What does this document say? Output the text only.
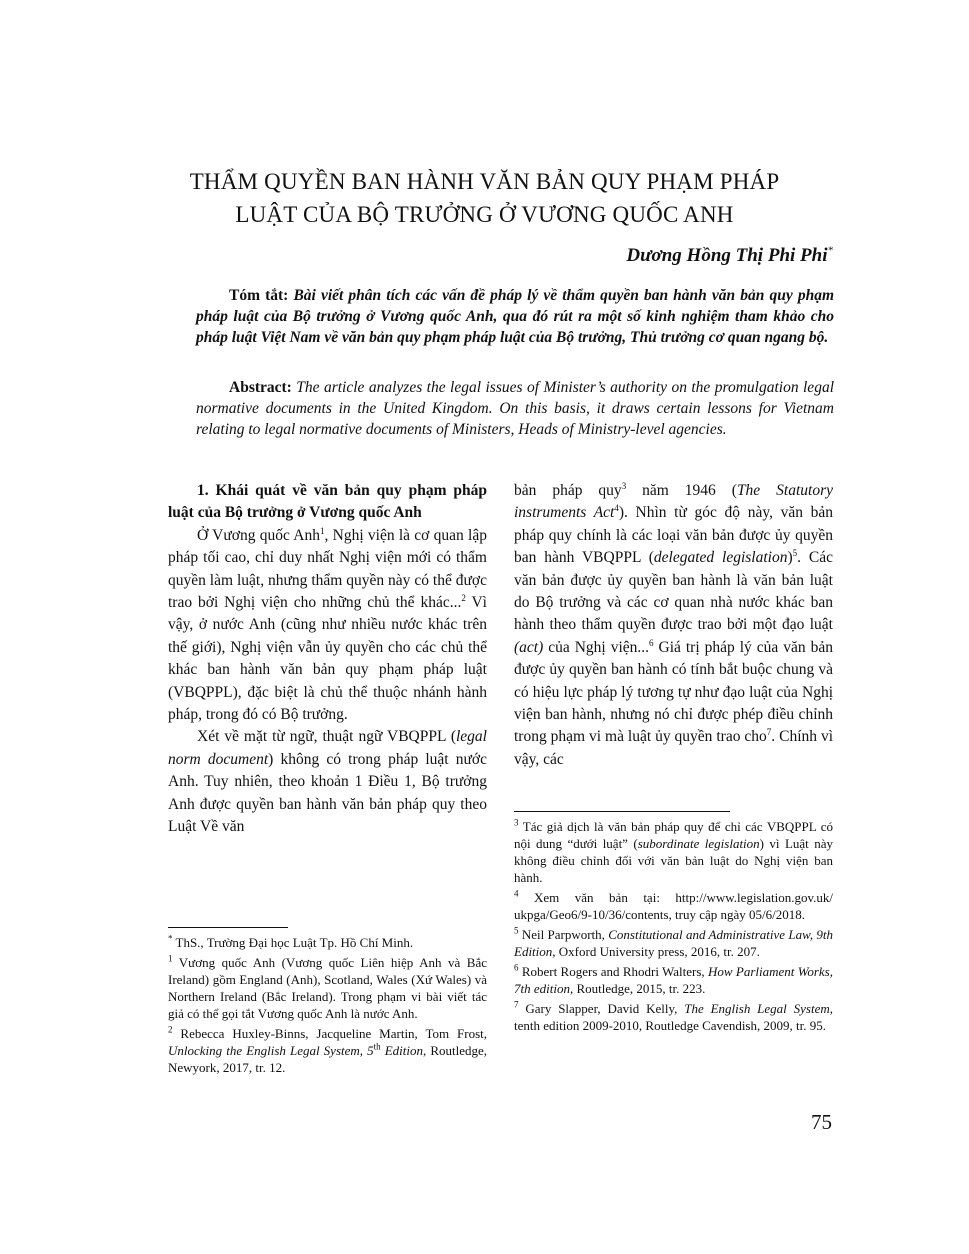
THẨM QUYỀN BAN HÀNH VĂN BẢN QUY PHẠM PHÁP
LUẬT CỦA BỘ TRƯỞNG Ở VƯƠNG QUỐC ANH
Dương Hồng Thị Phi Phi*
Tóm tắt: Bài viết phân tích các vấn đề pháp lý về thẩm quyền ban hành văn bản quy phạm pháp luật của Bộ trưởng ở Vương quốc Anh, qua đó rút ra một số kinh nghiệm tham khảo cho pháp luật Việt Nam về văn bản quy phạm pháp luật của Bộ trưởng, Thủ trưởng cơ quan ngang bộ.
Abstract: The article analyzes the legal issues of Minister’s authority on the promulgation legal normative documents in the United Kingdom. On this basis, it draws certain lessons for Vietnam relating to legal normative documents of Ministers, Heads of Ministry-level agencies.

1. Khái quát về văn bản quy phạm pháp luật của Bộ trưởng ở Vương quốc Anh

Ở Vương quốc Anh$^1$, Nghị viện là cơ quan lập pháp tối cao, chỉ duy nhất Nghị viện mới có thẩm quyền làm luật, nhưng thẩm quyền này có thể được trao bởi Nghị viện cho những chủ thể khác...$^2$ Vì vậy, ở nước Anh (cũng như nhiều nước khác trên thế giới), Nghị viện vẫn ủy quyền cho các chủ thể khác ban hành văn bản quy phạm pháp luật (VBQPPL), đặc biệt là chủ thể thuộc nhánh hành pháp, trong đó có Bộ trưởng.

Xét về mặt từ ngữ, thuật ngữ VBQPPL (legal norm document) không có trong pháp luật nước Anh. Tuy nhiên, theo khoản 1 Điều 1, Bộ trưởng Anh được quyền ban hành văn bản pháp quy theo Luật Về văn

bản pháp quy$^3$ năm 1946 (The Statutory instruments Act$^4$). Nhìn từ góc độ này, văn bản pháp quy chính là các loại văn bản được ủy quyền ban hành VBQPPL (delegated legislation)$^5$. Các văn bản được ủy quyền ban hành là văn bản luật do Bộ trưởng và các cơ quan nhà nước khác ban hành theo thẩm quyền được trao bởi một đạo luật (act) của Nghị viện...$^6$ Giá trị pháp lý của văn bản được ủy quyền ban hành có tính bắt buộc chung và có hiệu lực pháp lý tương tự như đạo luật của Nghị viện ban hành, nhưng nó chỉ được phép điều chỉnh trong phạm vi mà luật ủy quyền trao cho$^7$. Chính vì vậy, các

* ThS., Trường Đại học Luật Tp. Hồ Chí Minh.

$^1$ Vương quốc Anh (Vương quốc Liên hiệp Anh và Bắc Ireland) gồm England (Anh), Scotland, Wales (Xứ Wales) và Northern Ireland (Bắc Ireland). Trong phạm vi bài viết tác giả có thể gọi tắt Vương quốc Anh là nước Anh.

$^2$ Rebecca Huxley-Binns, Jacqueline Martin, Tom Frost, Unlocking the English Legal System, 5th Edition, Routledge, Newyork, 2017, tr. 12.

$^3$ Tác giả dịch là văn bản pháp quy để chỉ các VBQPPL có nội dung “dưới luật” (subordinate legislation) vì Luật này không điều chỉnh đối với văn bản luật do Nghị viện ban hành.

$^4$ Xem văn bản tại: http://www.legislation.gov.uk/ ukpga/Geo6/9-10/36/contents, truy cập ngày 05/6/2018.

$^5$ Neil Parpworth, Constitutional and Administrative Law, 9th Edition, Oxford University press, 2016, tr. 207.

$^6$ Robert Rogers and Rhodri Walters, How Parliament Works, 7th edition, Routledge, 2015, tr. 223.

$^7$ Gary Slapper, David Kelly, The English Legal System, tenth edition 2009-2010, Routledge Cavendish, 2009, tr. 95.

75
